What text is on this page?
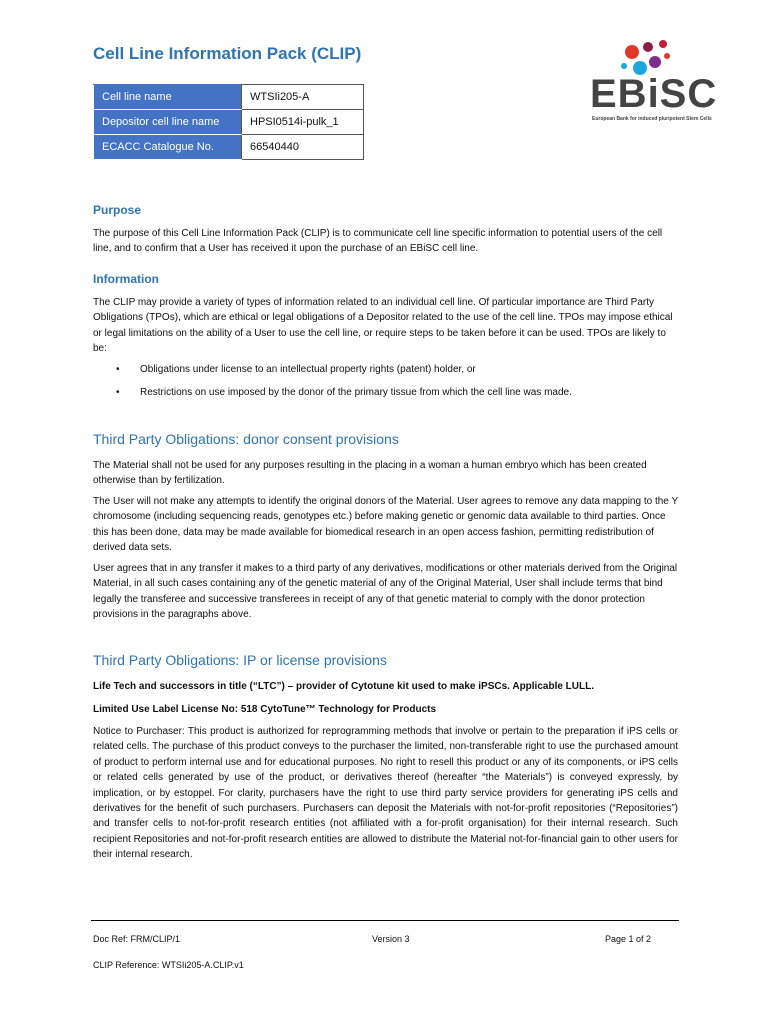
Cell Line Information Pack (CLIP)
Cell line name	WTSIi205-A
Depositor cell line name	HPSI0514i-pulk_1
ECACC Catalogue No.	66540440
EBiSC
European Bank for induced pluripotent Stem Cells
Purpose

The purpose of this Cell Line Information Pack (CLIP) is to communicate cell line specific information to potential users of the cell line, and to confirm that a User has received it upon the purchase of an EBiSC cell line.

Information

The CLIP may provide a variety of types of information related to an individual cell line. Of particular importance are Third Party Obligations (TPOs), which are ethical or legal obligations of a Depositor related to the use of the cell line. TPOs may impose ethical or legal limitations on the ability of a User to use the cell line, or require steps to be taken before it can be used. TPOs are likely to be:

• Obligations under license to an intellectual property rights (patent) holder, or
• Restrictions on use imposed by the donor of the primary tissue from which the cell line was made.
Third Party Obligations: donor consent provisions

The Material shall not be used for any purposes resulting in the placing in a woman a human embryo which has been created otherwise than by fertilization.

The User will not make any attempts to identify the original donors of the Material. User agrees to remove any data mapping to the Y chromosome (including sequencing reads, genotypes etc.) before making genetic or genomic data available to third parties. Once this has been done, data may be made available for biomedical research in an open access fashion, permitting redistribution of derived data sets.

User agrees that in any transfer it makes to a third party of any derivatives, modifications or other materials derived from the Original Material, in all such cases containing any of the genetic material of any of the Original Material, User shall include terms that bind legally the transferee and successive transferees in receipt of any of that genetic material to comply with the donor protection provisions in the paragraphs above.

Third Party Obligations: IP or license provisions

Life Tech and successors in title (“LTC”) – provider of Cytotune kit used to make iPSCs. Applicable LULL.

Limited Use Label License No: 518 CytoTune™ Technology for Products

Notice to Purchaser: This product is authorized for reprogramming methods that involve or pertain to the preparation if iPS cells or related cells. The purchase of this product conveys to the purchaser the limited, non-transferable right to use the purchased amount of product to perform internal use and for educational purposes. No right to resell this product or any of its components, or iPS cells or related cells generated by use of the product, or derivatives thereof (hereafter “the Materials”) is conveyed expressly, by implication, or by estoppel. For clarity, purchasers have the right to use third party service providers for generating iPS cells and derivatives for the benefit of such purchasers. Purchasers can deposit the Materials with not-for-profit repositories (“Repositories”) and transfer cells to not-for-profit research entities (not affiliated with a for-profit organisation) for their internal research. Such recipient Repositories and not-for-profit research entities are allowed to distribute the Material not-for-financial gain to other users for their internal research.

Doc Ref: FRM/CLIP/1	Version 3	Page 1 of 2
CLIP Reference: WTSIi205-A.CLIP.v1
